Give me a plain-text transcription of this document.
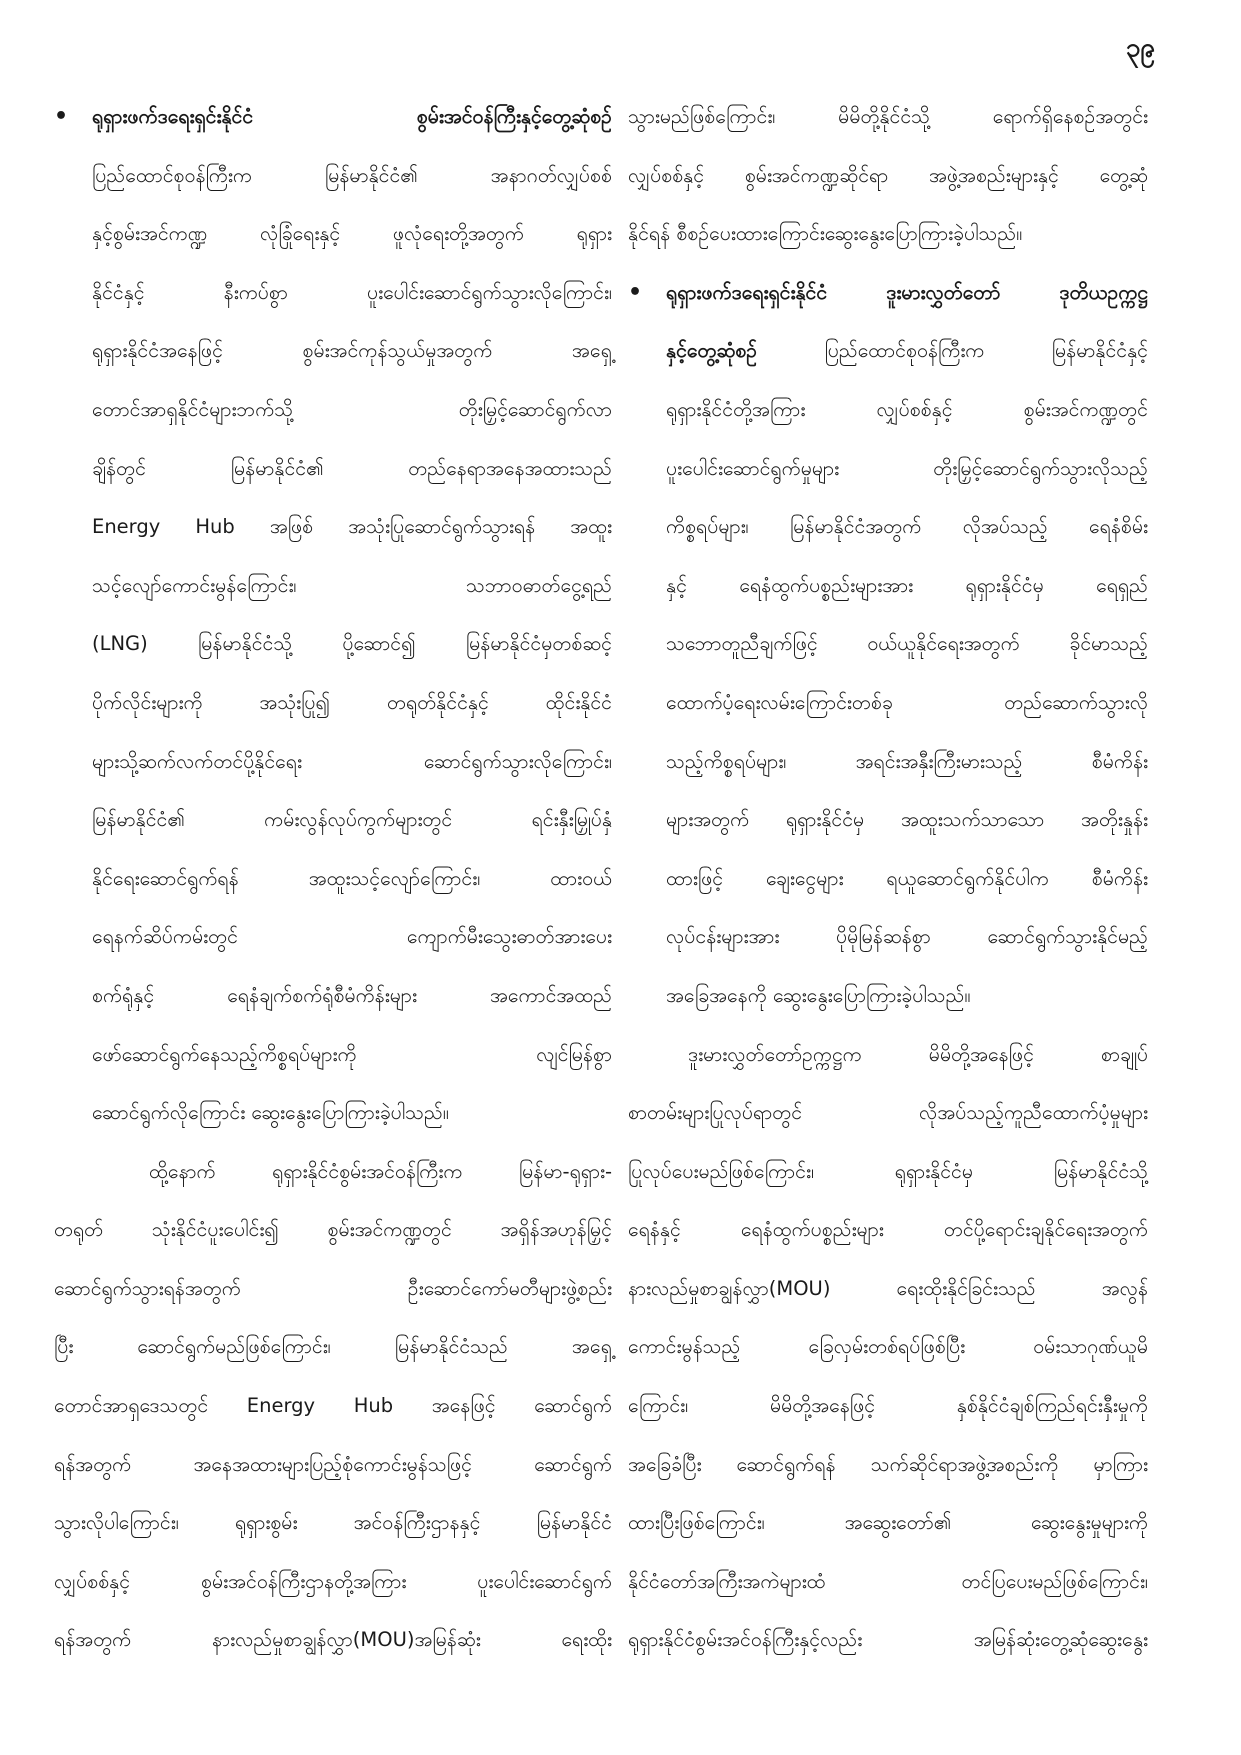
၃၉
•	ရုရှားဖက်ဒရေးရှင်းနိုင်ငံ စွမ်းအင်ဝန်ကြီးနှင့်တွေ့ဆုံစဉ်
ပြည်ထောင်စုဝန်ကြီးက မြန်မာနိုင်ငံ၏ အနာဂတ်လျှပ်စစ်
နှင့်စွမ်းအင်ကဏ္ဍ လုံခြုံရေးနှင့် ဖူလုံရေးတို့အတွက် ရုရှား
နိုင်ငံနှင့် နီးကပ်စွာ ပူးပေါင်းဆောင်ရွက်သွားလိုကြောင်း၊
ရုရှားနိုင်ငံအနေဖြင့် စွမ်းအင်ကုန်သွယ်မှုအတွက် အရှေ့
တောင်အာရှနိုင်ငံများဘက်သို့ တိုးမြှင့်ဆောင်ရွက်လာ
ချိန်တွင် မြန်မာနိုင်ငံ၏ တည်နေရာအနေအထားသည်
Energy Hub အဖြစ် အသုံးပြုဆောင်ရွက်သွားရန် အထူး
သင့်လျော်ကောင်းမွန်ကြောင်း၊ သဘာဝဓာတ်ငွေ့ရည်
(LNG) မြန်မာနိုင်ငံသို့ ပို့ဆောင်၍ မြန်မာနိုင်ငံမှတစ်ဆင့်
ပိုက်လိုင်းများကို အသုံးပြု၍ တရုတ်နိုင်ငံနှင့် ထိုင်းနိုင်ငံ
များသို့ဆက်လက်တင်ပို့နိုင်ရေး ဆောင်ရွက်သွားလိုကြောင်း၊
မြန်မာနိုင်ငံ၏ ကမ်းလွန်လုပ်ကွက်များတွင် ရင်းနှီးမြှုပ်နှံ
နိုင်ရေးဆောင်ရွက်ရန် အထူးသင့်လျော်ကြောင်း၊ ထားဝယ်
ရေနက်ဆိပ်ကမ်းတွင် ကျောက်မီးသွေးဓာတ်အားပေး
စက်ရုံနှင့် ရေနံချက်စက်ရုံစီမံကိန်းများ အကောင်အထည်
ဖော်ဆောင်ရွက်နေသည့်ကိစ္စရပ်များကို လျင်မြန်စွာ
ဆောင်ရွက်လိုကြောင်း ဆွေးနွေးပြောကြားခဲ့ပါသည်။
ထို့နောက် ရုရှားနိုင်ငံစွမ်းအင်ဝန်ကြီးက မြန်မာ-ရုရှား-
တရုတ် သုံးနိုင်ငံပူးပေါင်း၍ စွမ်းအင်ကဏ္ဍတွင် အရှိန်အဟုန်မြှင့်
ဆောင်ရွက်သွားရန်အတွက် ဦးဆောင်ကော်မတီများဖွဲ့စည်း
ပြီး ဆောင်ရွက်မည်ဖြစ်ကြောင်း၊ မြန်မာနိုင်ငံသည် အရှေ့
တောင်အာရှဒေသတွင် Energy Hub အနေဖြင့် ဆောင်ရွက်
ရန်အတွက် အနေအထားများပြည့်စုံကောင်းမွန်သဖြင့် ဆောင်ရွက်
သွားလိုပါကြောင်း၊ ရုရှားစွမ်း အင်ဝန်ကြီးဌာနနှင့် မြန်မာနိုင်ငံ
လျှပ်စစ်နှင့် စွမ်းအင်ဝန်ကြီးဌာနတို့အကြား ပူးပေါင်းဆောင်ရွက်
ရန်အတွက် နားလည်မှုစာချွန်လွှာ(MOU)အမြန်ဆုံး ရေးထိုး
သွားမည်ဖြစ်ကြောင်း၊ မိမိတို့နိုင်ငံသို့ ရောက်ရှိနေစဉ်အတွင်း
လျှပ်စစ်နှင့် စွမ်းအင်ကဏ္ဍဆိုင်ရာ အဖွဲ့အစည်းများနှင့် တွေ့ဆုံ
နိုင်ရန် စီစဉ်ပေးထားကြောင်းဆွေးနွေးပြောကြားခဲ့ပါသည်။
•	ရုရှားဖက်ဒရေးရှင်းနိုင်ငံ ဒူးမားလွှတ်တော် ဒုတိယဥက္ကဋ္ဌ
နှင့်တွေ့ဆုံစဉ် ပြည်ထောင်စုဝန်ကြီးက မြန်မာနိုင်ငံနှင့်
ရုရှားနိုင်ငံတို့အကြား လျှပ်စစ်နှင့် စွမ်းအင်ကဏ္ဍတွင်
ပူးပေါင်းဆောင်ရွက်မှုများ တိုးမြှင့်ဆောင်ရွက်သွားလိုသည့်
ကိစ္စရပ်များ၊ မြန်မာနိုင်ငံအတွက် လိုအပ်သည့် ရေနံစိမ်း
နှင့် ရေနံထွက်ပစ္စည်းများအား ရုရှားနိုင်ငံမှ ရေရှည်
သဘောတူညီချက်ဖြင့် ဝယ်ယူနိုင်ရေးအတွက် ခိုင်မာသည့်
ထောက်ပံ့ရေးလမ်းကြောင်းတစ်ခု တည်ဆောက်သွားလို
သည့်ကိစ္စရပ်များ၊ အရင်းအနှီးကြီးမားသည့် စီမံကိန်း
များအတွက် ရုရှားနိုင်ငံမှ အထူးသက်သာသော အတိုးနှုန်း
ထားဖြင့် ချေးငွေများ ရယူဆောင်ရွက်နိုင်ပါက စီမံကိန်း
လုပ်ငန်းများအား ပိုမိုမြန်ဆန်စွာ ဆောင်ရွက်သွားနိုင်မည့်
အခြေအနေကို ဆွေးနွေးပြောကြားခဲ့ပါသည်။
ဒူးမားလွှတ်တော်ဥက္ကဋ္ဌက မိမိတို့အနေဖြင့် စာချုပ်
စာတမ်းများပြုလုပ်ရာတွင် လိုအပ်သည့်ကူညီထောက်ပံ့မှုများ
ပြုလုပ်ပေးမည်ဖြစ်ကြောင်း၊ ရုရှားနိုင်ငံမှ မြန်မာနိုင်ငံသို့
ရေနံနှင့် ရေနံထွက်ပစ္စည်းများ တင်ပို့ရောင်းချနိုင်ရေးအတွက်
နားလည်မှုစာချွန်လွှာ(MOU) ရေးထိုးနိုင်ခြင်းသည် အလွန်
ကောင်းမွန်သည့် ခြေလှမ်းတစ်ရပ်ဖြစ်ပြီး ဝမ်းသာဂုဏ်ယူမိ
ကြောင်း၊ မိမိတို့အနေဖြင့် နှစ်နိုင်ငံချစ်ကြည်ရင်းနှီးမှုကို
အခြေခံပြီး ဆောင်ရွက်ရန် သက်ဆိုင်ရာအဖွဲ့အစည်းကို မှာကြား
ထားပြီးဖြစ်ကြောင်း၊ အဆွေးတော်၏ ဆွေးနွေးမှုများကို
နိုင်ငံတော်အကြီးအကဲများထံ တင်ပြပေးမည်ဖြစ်ကြောင်း၊
ရုရှားနိုင်ငံစွမ်းအင်ဝန်ကြီးနှင့်လည်း အမြန်ဆုံးတွေ့ဆုံဆွေးနွေး
